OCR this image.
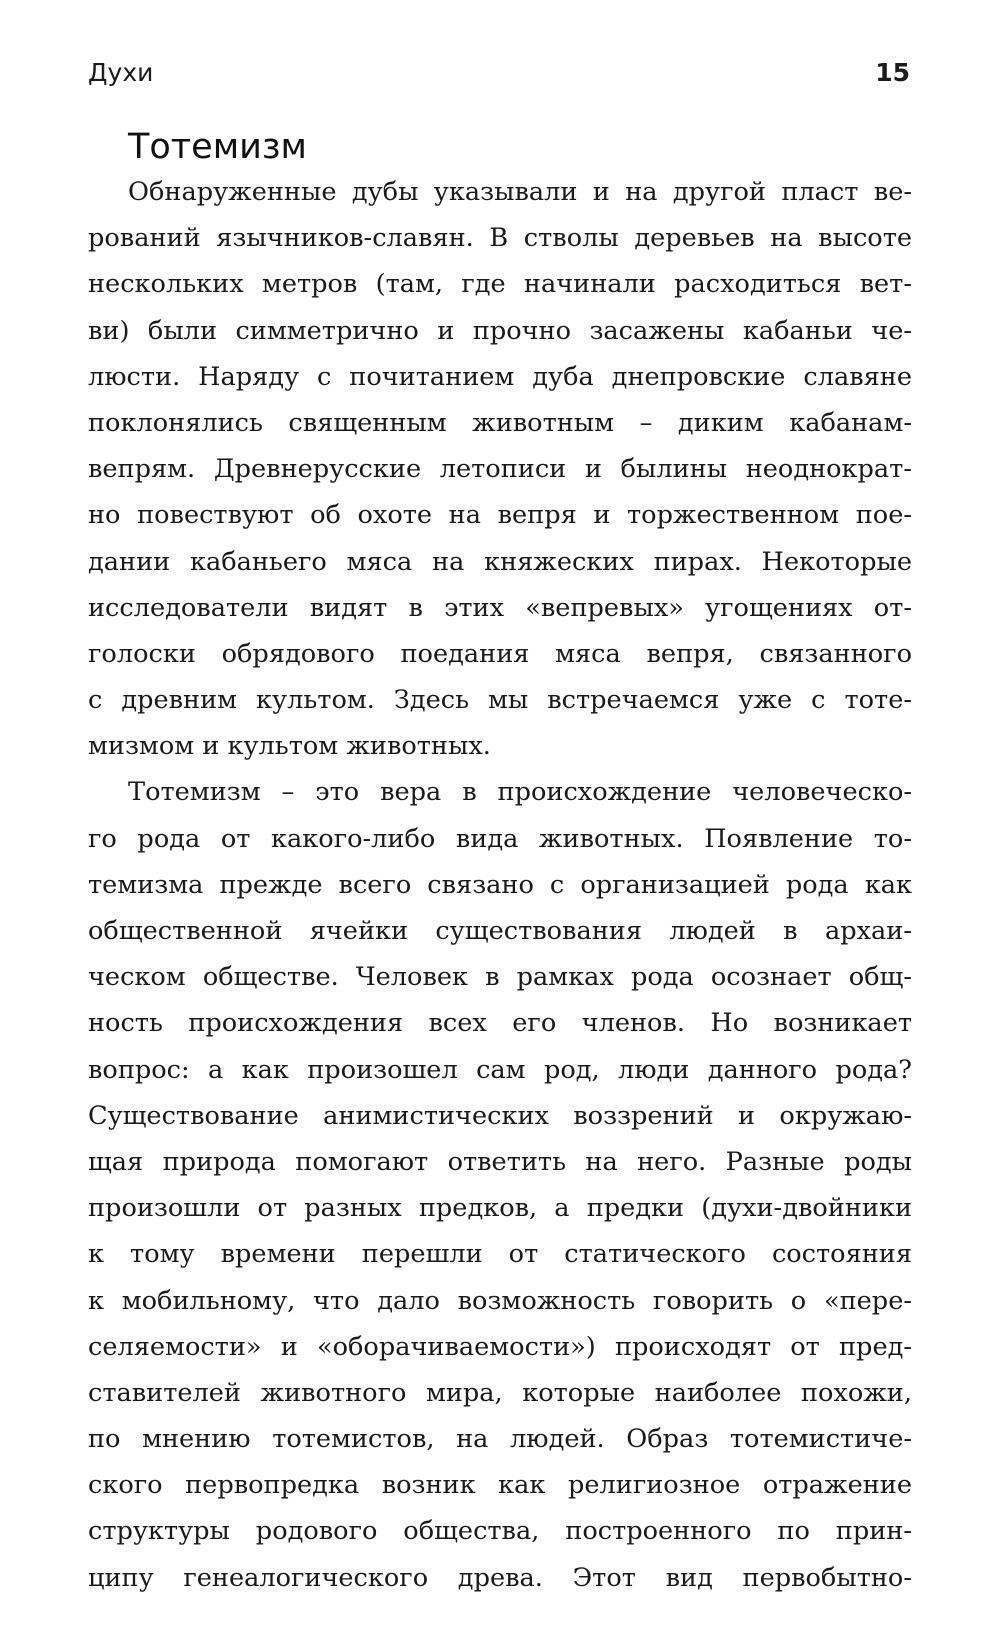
Духи	15
Тотемизм
Обнаруженные дубы указывали и на другой пласт ве-
рований язычников-славян. В стволы деревьев на высоте
нескольких метров (там, где начинали расходиться вет-
ви) были симметрично и прочно засажены кабаньи че-
люсти. Наряду с почитанием дуба днепровские славяне
поклонялись священным животным – диким кабанам-
вепрям. Древнерусские летописи и былины неоднократ-
но повествуют об охоте на вепря и торжественном пое-
дании кабаньего мяса на княжеских пирах. Некоторые
исследователи видят в этих «вепревых» угощениях от-
голоски обрядового поедания мяса вепря, связанного
с древним культом. Здесь мы встречаемся уже с тоте-
мизмом и культом животных.
Тотемизм – это вера в происхождение человеческо-
го рода от какого-либо вида животных. Появление то-
темизма прежде всего связано с организацией рода как
общественной ячейки существования людей в архаи-
ческом обществе. Человек в рамках рода осознает общ-
ность происхождения всех его членов. Но возникает
вопрос: а как произошел сам род, люди данного рода?
Существование анимистических воззрений и окружаю-
щая природа помогают ответить на него. Разные роды
произошли от разных предков, а предки (духи-двойники
к тому времени перешли от статического состояния
к мобильному, что дало возможность говорить о «пере-
селяемости» и «оборачиваемости») происходят от пред-
ставителей животного мира, которые наиболее похожи,
по мнению тотемистов, на людей. Образ тотемистиче-
ского первопредка возник как религиозное отражение
структуры родового общества, построенного по прин-
ципу генеалогического древа. Этот вид первобытно-
